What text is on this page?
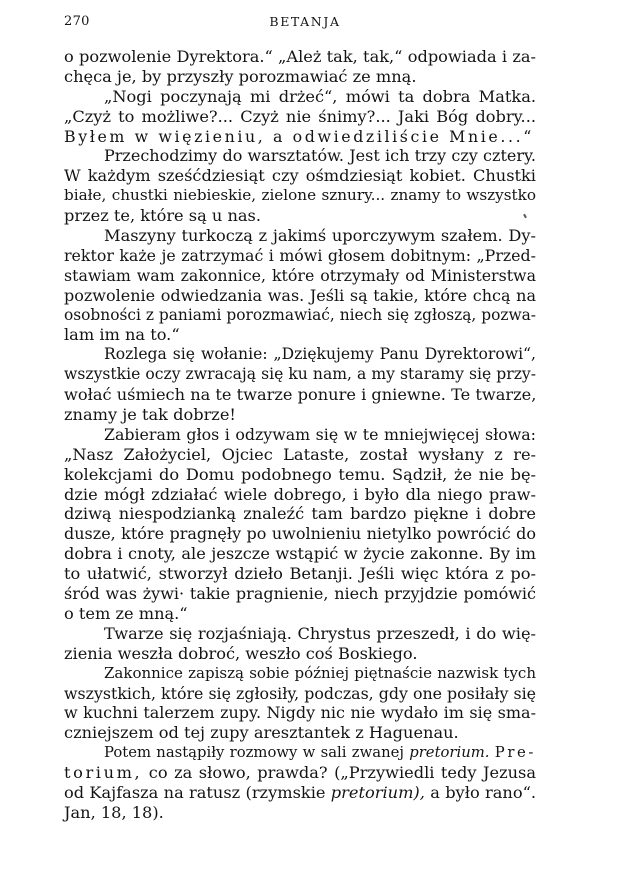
270	BETANJA
o pozwolenie Dyrektora.“ „Ależ tak, tak,“ odpowiada i za-
chęca je, by przyszły porozmawiać ze mną.
„Nogi poczynają mi drżeć“, mówi ta dobra Matka.
„Czyż to możliwe?... Czyż nie śnimy?... Jaki Bóg dobry...
Byłem w więzieniu, a odwiedziliście Mnie...“
Przechodzimy do warsztatów. Jest ich trzy czy cztery.
W każdym sześćdziesiąt czy ośmdziesiąt kobiet. Chustki
białe, chustki niebieskie, zielone sznury... znamy to wszystko
przez te, które są u nas.
Maszyny turkoczą z jakimś uporczywym szałem. Dy-
rektor każe je zatrzymać i mówi głosem dobitnym: „Przed-
stawiam wam zakonnice, które otrzymały od Ministerstwa
pozwolenie odwiedzania was. Jeśli są takie, które chcą na
osobności z paniami porozmawiać, niech się zgłoszą, pozwa-
lam im na to.“
Rozlega się wołanie: „Dziękujemy Panu Dyrektorowi“,
wszystkie oczy zwracają się ku nam, a my staramy się przy-
wołać uśmiech na te twarze ponure i gniewne. Te twarze,
znamy je tak dobrze!
Zabieram głos i odzywam się w te mniejwięcej słowa:
„Nasz Założyciel, Ojciec Lataste, został wysłany z re-
kolekcjami do Domu podobnego temu. Sądził, że nie bę-
dzie mógł zdziałać wiele dobrego, i było dla niego praw-
dziwą niespodzianką znaleźć tam bardzo piękne i dobre
dusze, które pragnęły po uwolnieniu nietylko powrócić do
dobra i cnoty, ale jeszcze wstąpić w życie zakonne. By im
to ułatwić, stworzył dzieło Betanji. Jeśli więc która z po-
śród was żywi· takie pragnienie, niech przyjdzie pomówić
o tem ze mną.“
Twarze się rozjaśniają. Chrystus przeszedł, i do wię-
zienia weszła dobroć, weszło coś Boskiego.
Zakonnice zapiszą sobie później piętnaście nazwisk tych
wszystkich, które się zgłosiły, podczas, gdy one posiłały się
w kuchni talerzem zupy. Nigdy nic nie wydało im się sma-
czniejszem od tej zupy aresztantek z Haguenau.
Potem nastąpiły rozmowy w sali zwanej pretorium. Pre-
torium, co za słowo, prawda? („Przywiedli tedy Jezusa
od Kajfasza na ratusz (rzymskie pretorium), a było rano“.
Jan, 18, 18).
